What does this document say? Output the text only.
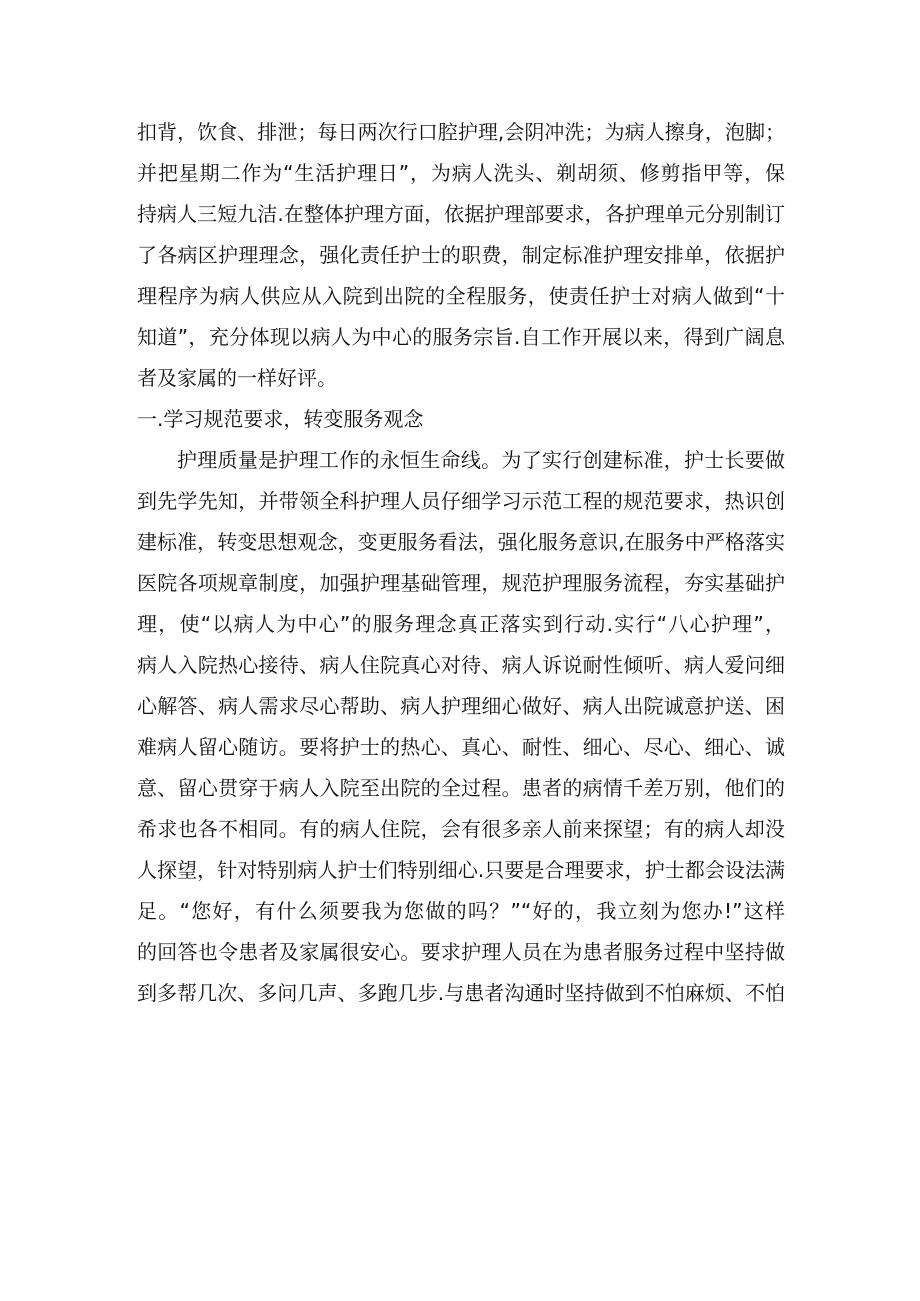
扣背，饮食、排泄；每日两次行口腔护理,会阴冲洗；为病人擦身，泡脚；
并把星期二作为“生活护理日”，为病人洗头、剃胡须、修剪指甲等，保
持病人三短九洁.在整体护理方面，依据护理部要求，各护理单元分别制订
了各病区护理理念，强化责任护士的职费，制定标准护理安排单，依据护
理程序为病人供应从入院到出院的全程服务，使责任护士对病人做到“十
知道”，充分体现以病人为中心的服务宗旨.自工作开展以来，得到广阔息
者及家属的一样好评。
一.学习规范要求，转变服务观念
护理质量是护理工作的永恒生命线。为了实行创建标准，护士长要做
到先学先知，并带领全科护理人员仔细学习示范工程的规范要求，热识创
建标准，转变思想观念，变更服务看法，强化服务意识,在服务中严格落实
医院各项规章制度，加强护理基础管理，规范护理服务流程，夯实基础护
理，使“以病人为中心”的服务理念真正落实到行动.实行“八心护理”，
病人入院热心接待、病人住院真心对待、病人诉说耐性倾听、病人爱问细
心解答、病人需求尽心帮助、病人护理细心做好、病人出院诚意护送、困
难病人留心随访。要将护士的热心、真心、耐性、细心、尽心、细心、诚
意、留心贯穿于病人入院至出院的全过程。患者的病情千差万别，他们的
希求也各不相同。有的病人住院，会有很多亲人前来探望；有的病人却没
人探望，针对特别病人护士们特别细心.只要是合理要求，护士都会设法满
足。“您好，有什么须要我为您做的吗？”“好的，我立刻为您办!”这样
的回答也令患者及家属很安心。要求护理人员在为患者服务过程中坚持做
到多帮几次、多问几声、多跑几步.与患者沟通时坚持做到不怕麻烦、不怕
